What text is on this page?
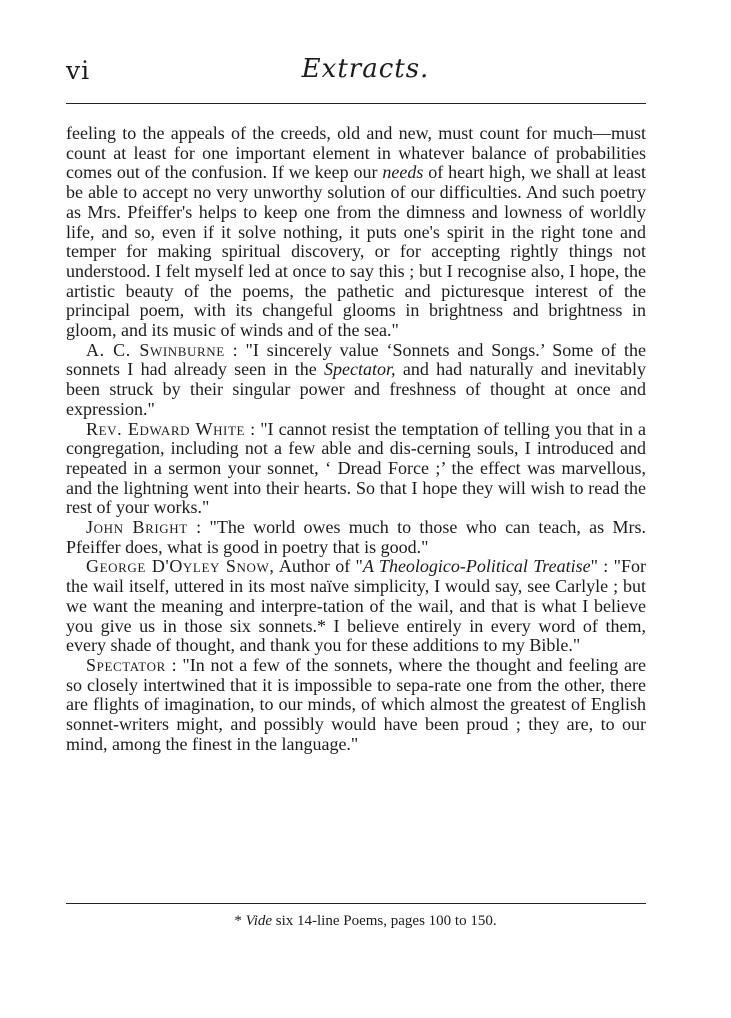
vi	Extracts.

feeling to the appeals of the creeds, old and new, must count for much—must count at least for one important element in whatever balance of probabilities comes out of the confusion. If we keep our needs of heart high, we shall at least be able to accept no very unworthy solution of our difficulties. And such poetry as Mrs. Pfeiffer's helps to keep one from the dimness and lowness of worldly life, and so, even if it solve nothing, it puts one's spirit in the right tone and temper for making spiritual discovery, or for accepting rightly things not understood. I felt myself led at once to say this ; but I recognise also, I hope, the artistic beauty of the poems, the pathetic and picturesque interest of the principal poem, with its changeful glooms in brightness and brightness in gloom, and its music of winds and of the sea."

A. C. Swinburne : "I sincerely value ‘Sonnets and Songs.’ Some of the sonnets I had already seen in the Spectator, and had naturally and inevitably been struck by their singular power and freshness of thought at once and expression."

Rev. Edward White : "I cannot resist the temptation of telling you that in a congregation, including not a few able and dis-cerning souls, I introduced and repeated in a sermon your sonnet, ‘ Dread Force ;’ the effect was marvellous, and the lightning went into their hearts. So that I hope they will wish to read the rest of your works."

John Bright : "The world owes much to those who can teach, as Mrs. Pfeiffer does, what is good in poetry that is good."

George D'Oyley Snow, Author of "A Theologico-Political Treatise" : "For the wail itself, uttered in its most naïve simplicity, I would say, see Carlyle ; but we want the meaning and interpre-tation of the wail, and that is what I believe you give us in those six sonnets.* I believe entirely in every word of them, every shade of thought, and thank you for these additions to my Bible."

Spectator : "In not a few of the sonnets, where the thought and feeling are so closely intertwined that it is impossible to sepa-rate one from the other, there are flights of imagination, to our minds, of which almost the greatest of English sonnet-writers might, and possibly would have been proud ; they are, to our mind, among the finest in the language."

* Vide six 14-line Poems, pages 100 to 150.
